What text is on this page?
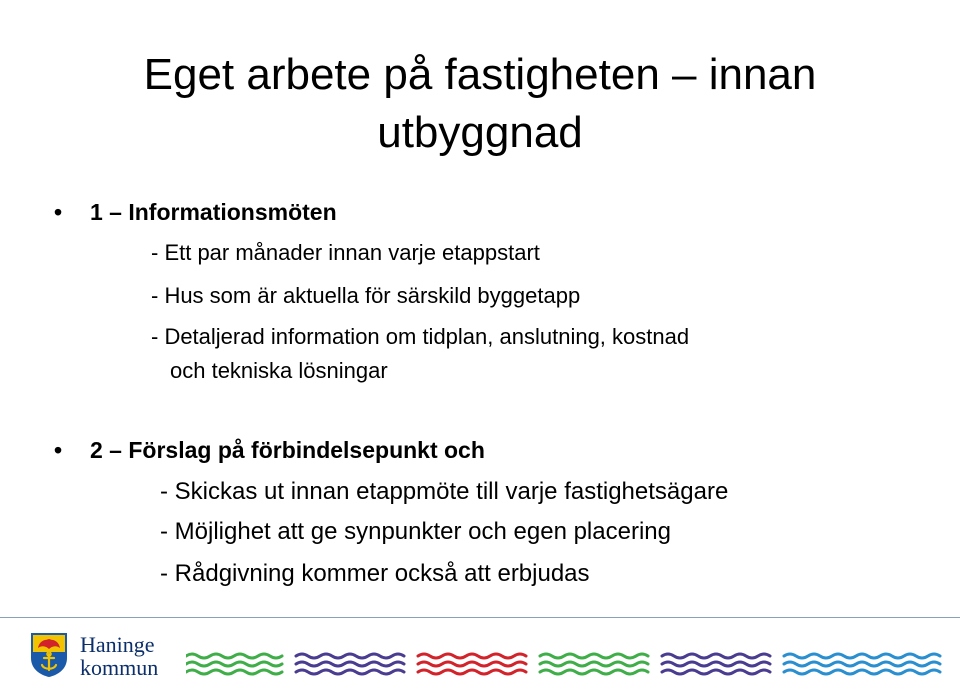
Eget arbete på fastigheten – innan
utbyggnad
• 1 – Informationsmöten
- Ett par månader innan varje etappstart
- Hus som är aktuella för särskild byggetapp
- Detaljerad information om tidplan, anslutning, kostnad
och tekniska lösningar
• 2 – Förslag på förbindelsepunkt och
- Skickas ut innan etappmöte till varje fastighetsägare
- Möjlighet att ge synpunkter och egen placering
- Rådgivning kommer också att erbjudas
Haninge
kommun
